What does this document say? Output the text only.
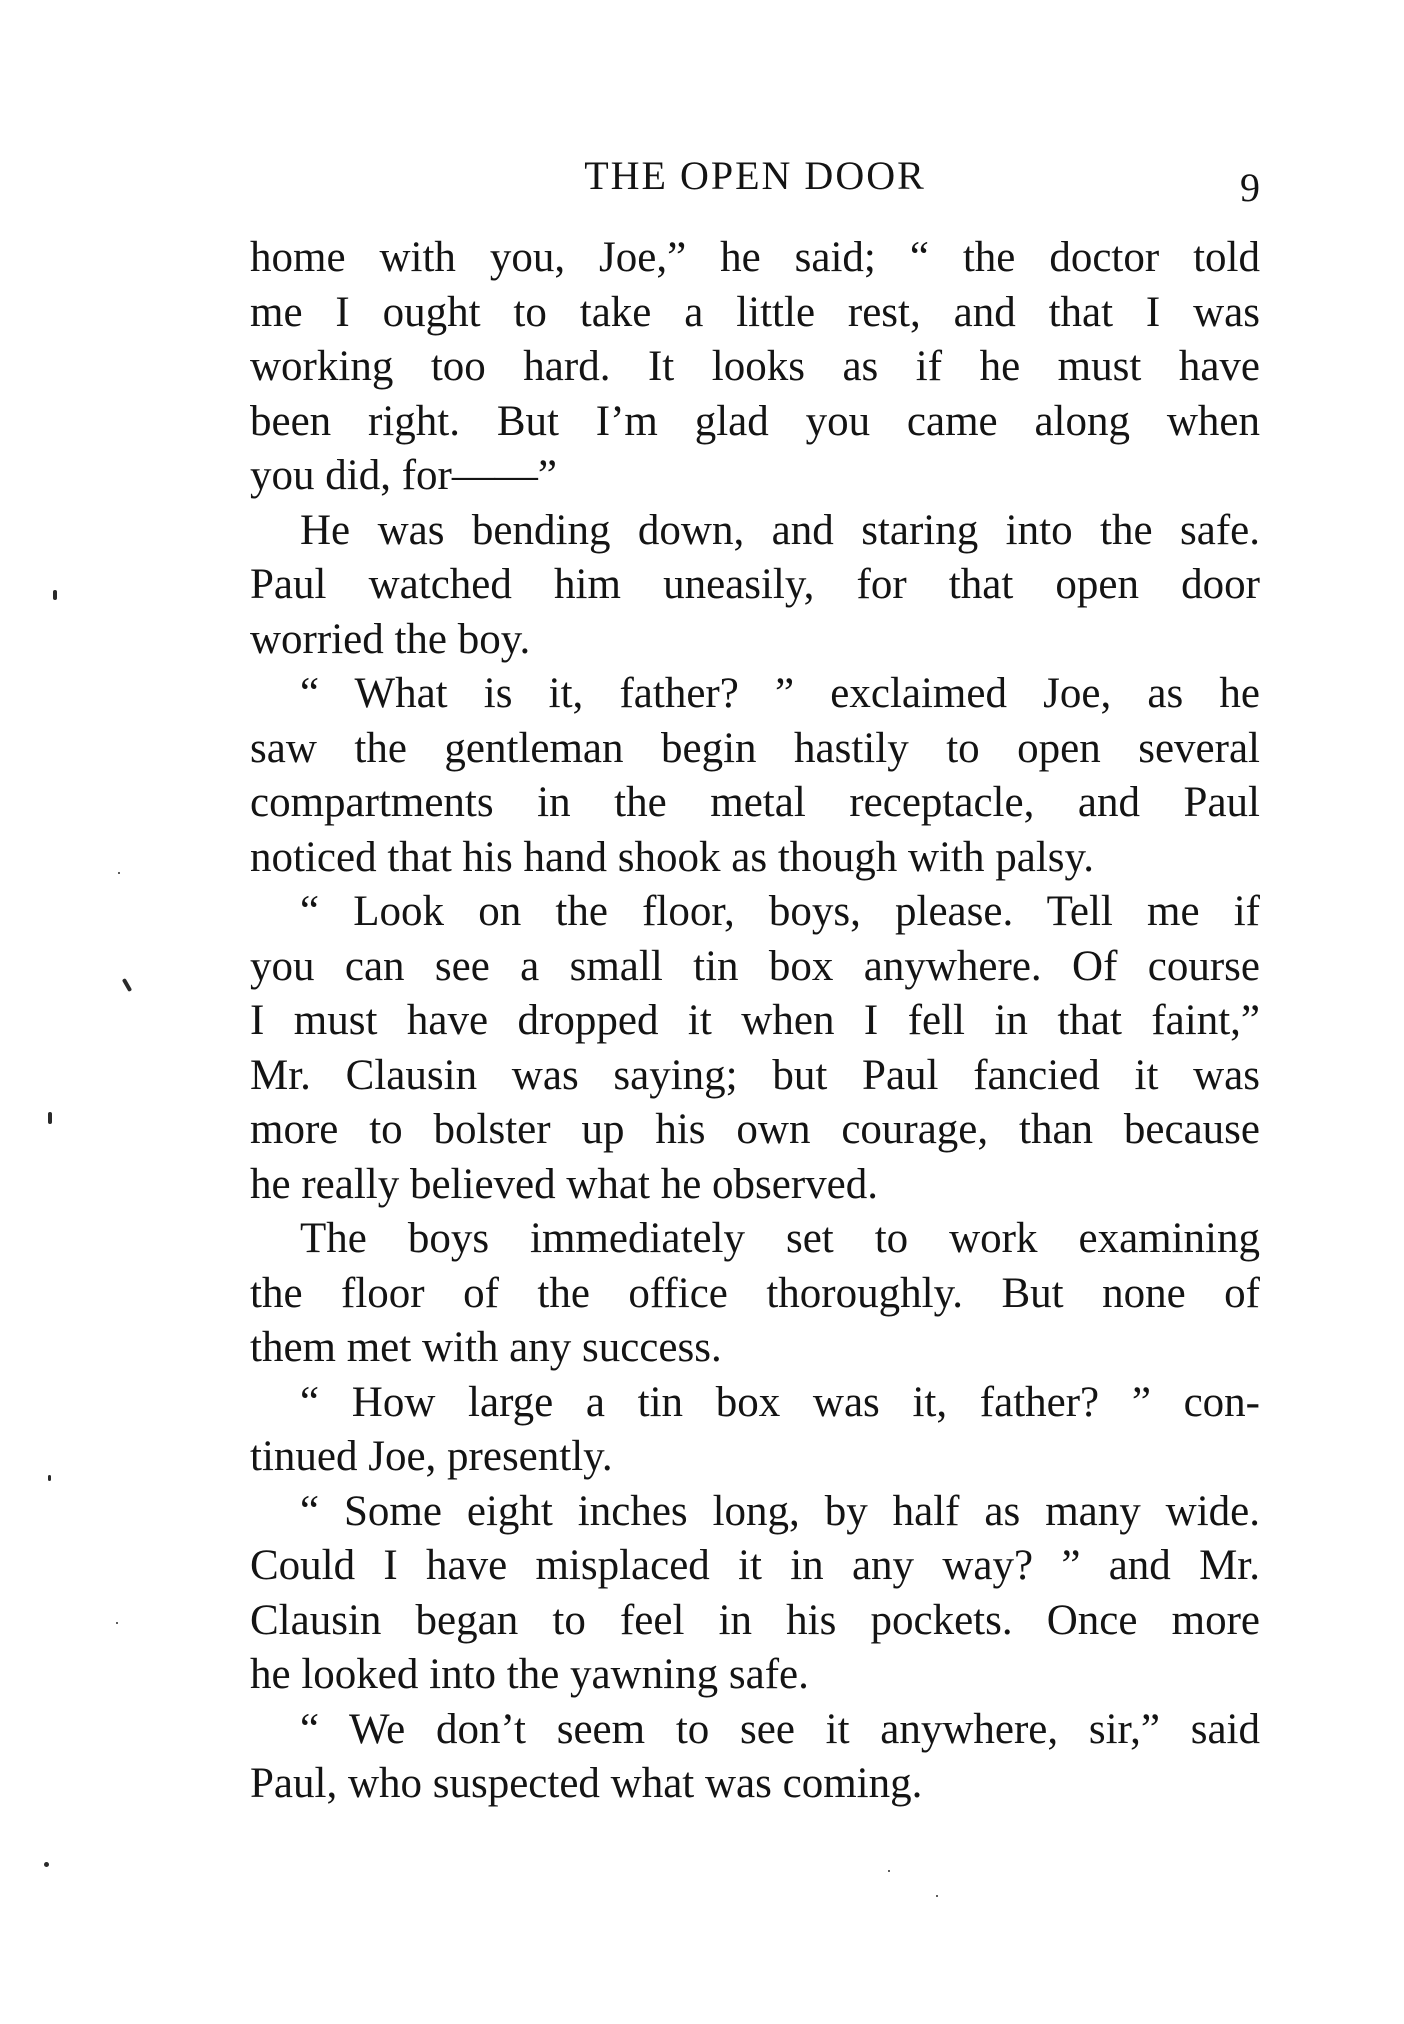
THE OPEN DOOR	9
home with you, Joe,” he said; “ the doctor told
me I ought to take a little rest, and that I was
working too hard. It looks as if he must have
been right. But I’m glad you came along when
you did, for——”
He was bending down, and staring into the safe.
Paul watched him uneasily, for that open door
worried the boy.
“ What is it, father? ” exclaimed Joe, as he
saw the gentleman begin hastily to open several
compartments in the metal receptacle, and Paul
noticed that his hand shook as though with palsy.
“ Look on the floor, boys, please. Tell me if
you can see a small tin box anywhere. Of course
I must have dropped it when I fell in that faint,”
Mr. Clausin was saying; but Paul fancied it was
more to bolster up his own courage, than because
he really believed what he observed.
The boys immediately set to work examining
the floor of the office thoroughly. But none of
them met with any success.
“ How large a tin box was it, father? ” con-
tinued Joe, presently.
“ Some eight inches long, by half as many wide.
Could I have misplaced it in any way? ” and Mr.
Clausin began to feel in his pockets. Once more
he looked into the yawning safe.
“ We don’t seem to see it anywhere, sir,” said
Paul, who suspected what was coming.
